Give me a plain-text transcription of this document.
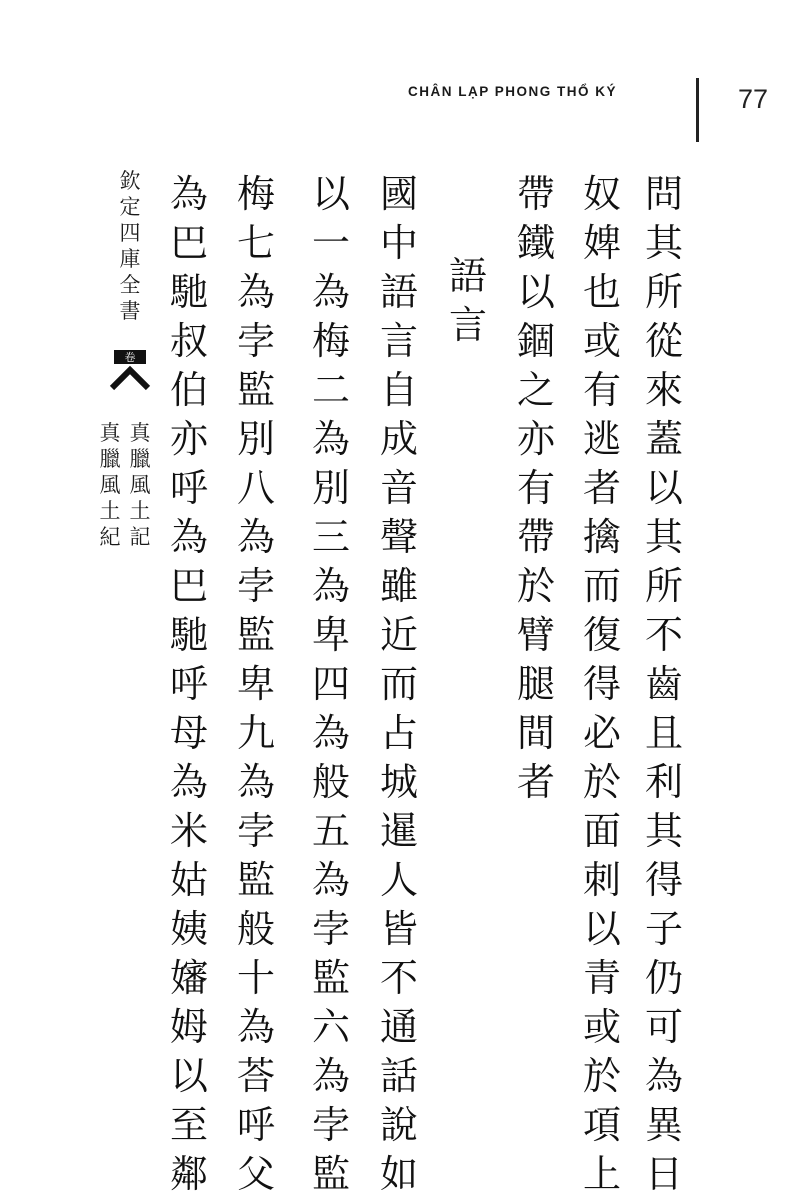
CHÂN LẠP PHONG THỔ KÝ	77
問
其
所
從
來
蓋
以
其
所
不
齒
且
利
其
得
子
仍
可
為
異
日
奴
婢
也
或
有
逃
者
擒
而
復
得
必
於
面
刺
以
青
或
於
項
上
帶
鐵
以
錮
之
亦
有
帶
於
臂
腿
間
者
語
言
國
中
語
言
自
成
音
聲
雖
近
而
占
城
暹
人
皆
不
通
話
說
如
以
一
為
梅
二
為
別
三
為
卑
四
為
般
五
為
孛
監
六
為
孛
監
梅
七
為
孛
監
別
八
為
孛
監
卑
九
為
孛
監
般
十
為
荅
呼
父
為
巴
馳
叔
伯
亦
呼
為
巴
馳
呼
母
為
米
姑
姨
嬸
姆
以
至
鄰
欽
定
四
庫
全
書
卷
真
臘
風
土
記
真
臘
風
土
紀
